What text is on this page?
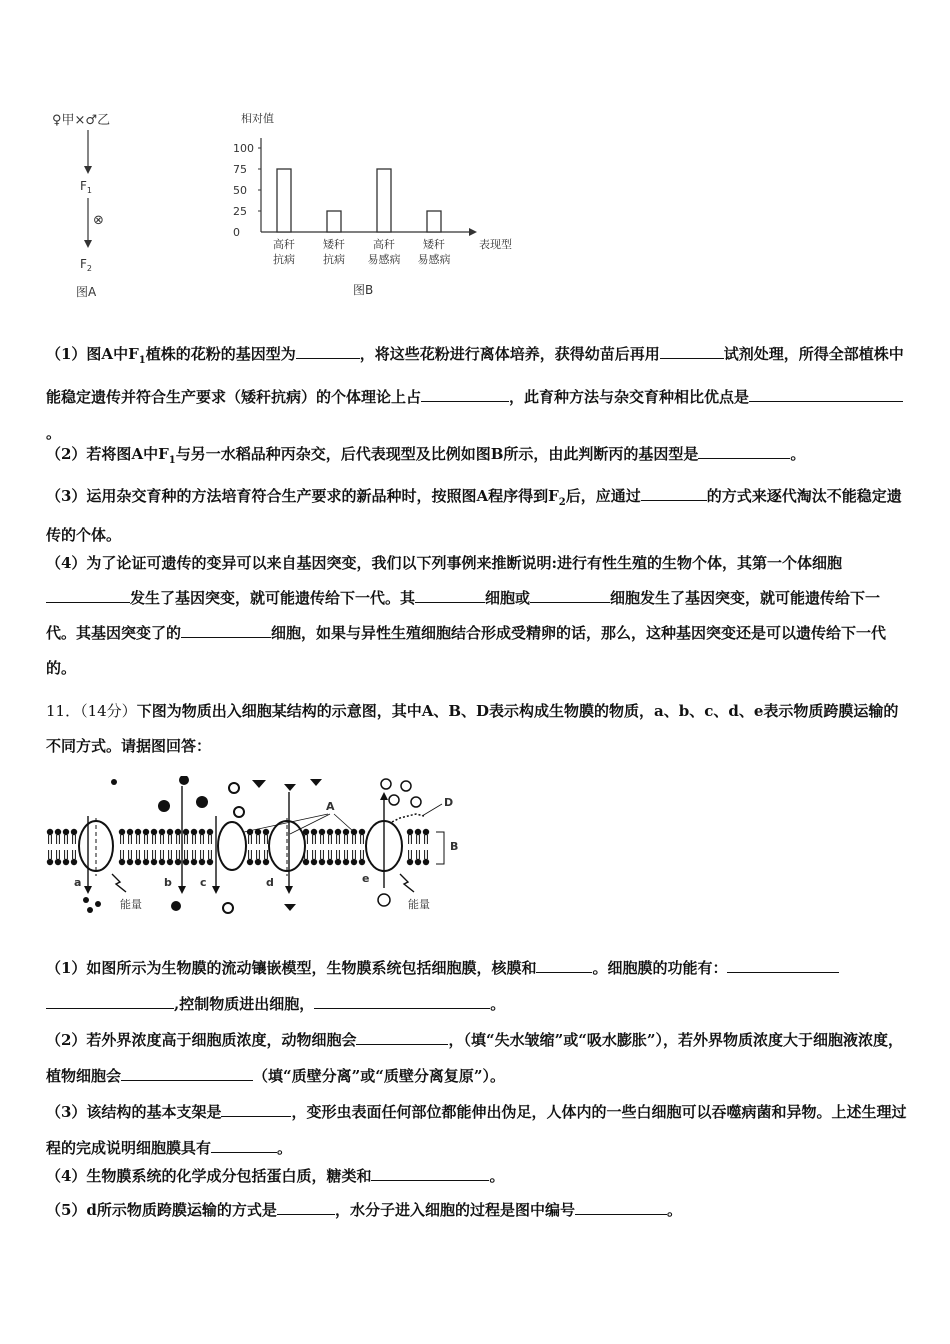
♀甲×♂乙
$F_1$
⊗
$F_2$
图A
相对值
表现型
100
75
50
25
0
高秆
抗病
矮秆
抗病
高秆
易感病
矮秆
易感病
图B
（1）图A中$F_1$植株的花粉的基因型为	，将这些花粉进行离体培养，获得幼苗后再用	试剂处理，所得全部植株中能稳定遗传并符合生产要求（矮秆抗病）的个体理论上占	，此育种方法与杂交育种相比优点是。
（2）若将图A中$F_1$与另一水稻品种丙杂交，后代表现型及比例如图B所示，由此判断丙的基因型是	。
（3）运用杂交育种的方法培育符合生产要求的新品种时，按照图A程序得到$F_2$后，应通过	的方式来逐代淘汰不能稳定遗传的个体。
（4）为了论证可遗传的变异可以来自基因突变，我们以下列事例来推断说明:进行有性生殖的生物个体，其第一个体细胞发生了基因突变，就可能遗传给下一代。其	细胞或	细胞发生了基因突变，就可能遗传给下一代。其基因突变了的	细胞，如果与异性生殖细胞结合形成受精卵的话，那么，这种基因突变还是可以遗传给下一代的。
11．（14分）下图为物质出入细胞某结构的示意图，其中A、B、D表示构成生物膜的物质，a、b、c、d、e表示物质跨膜运输的不同方式。请据图回答：
A	D
B
a	b	c	d	e
能量	能量
（1）如图所示为生物膜的流动镶嵌模型，生物膜系统包括细胞膜，核膜和	。细胞膜的功能有：,控制物质进出细胞，	。
（2）若外界浓度高于细胞质浓度，动物细胞会	，（填“失水皱缩”或“吸水膨胀”），若外界物质浓度大于细胞液浓度，植物细胞会	（填“质壁分离”或“质壁分离复原”）。
（3）该结构的基本支架是	，变形虫表面任何部位都能伸出伪足，人体内的一些白细胞可以吞噬病菌和异物。上述生理过程的完成说明细胞膜具有	。
（4）生物膜系统的化学成分包括蛋白质，糖类和	。
（5）d所示物质跨膜运输的方式是	，水分子进入细胞的过程是图中编号	。
